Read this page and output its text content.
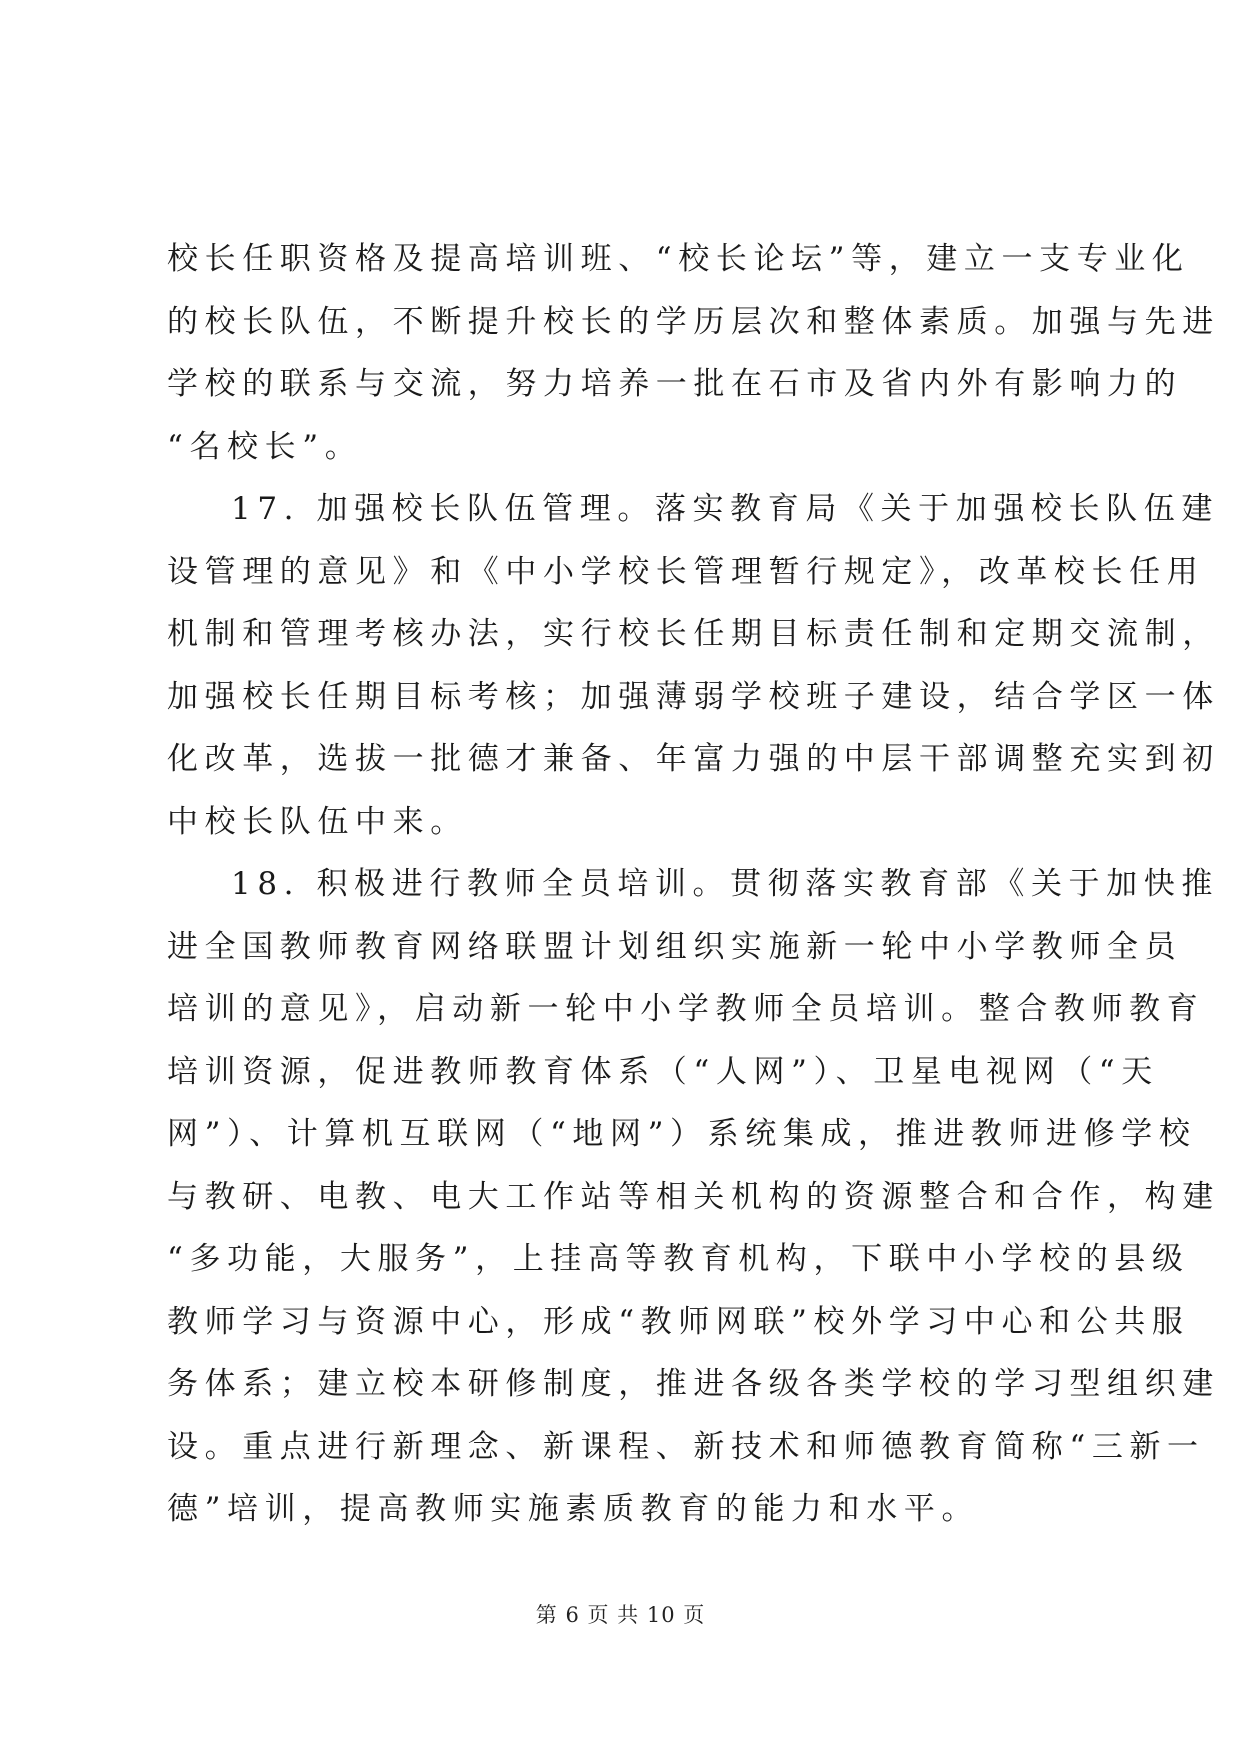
校长任职资格及提高培训班、“校长论坛”等，建立一支专业化
的校长队伍，不断提升校长的学历层次和整体素质。加强与先进
学校的联系与交流，努力培养一批在石市及省内外有影响力的
“名校长”。
17. 加强校长队伍管理。落实教育局《关于加强校长队伍建
设管理的意见》和《中小学校长管理暂行规定》，改革校长任用
机制和管理考核办法，实行校长任期目标责任制和定期交流制，
加强校长任期目标考核；加强薄弱学校班子建设，结合学区一体
化改革，选拔一批德才兼备、年富力强的中层干部调整充实到初
中校长队伍中来。
18. 积极进行教师全员培训。贯彻落实教育部《关于加快推
进全国教师教育网络联盟计划组织实施新一轮中小学教师全员
培训的意见》，启动新一轮中小学教师全员培训。整合教师教育
培训资源，促进教师教育体系（“人网”）、卫星电视网（“天
网”）、计算机互联网（“地网”）系统集成，推进教师进修学校
与教研、电教、电大工作站等相关机构的资源整合和合作，构建
“多功能，大服务”，上挂高等教育机构，下联中小学校的县级
教师学习与资源中心，形成“教师网联”校外学习中心和公共服
务体系；建立校本研修制度，推进各级各类学校的学习型组织建
设。重点进行新理念、新课程、新技术和师德教育简称“三新一
德”培训，提高教师实施素质教育的能力和水平。
第 6 页 共 10 页
